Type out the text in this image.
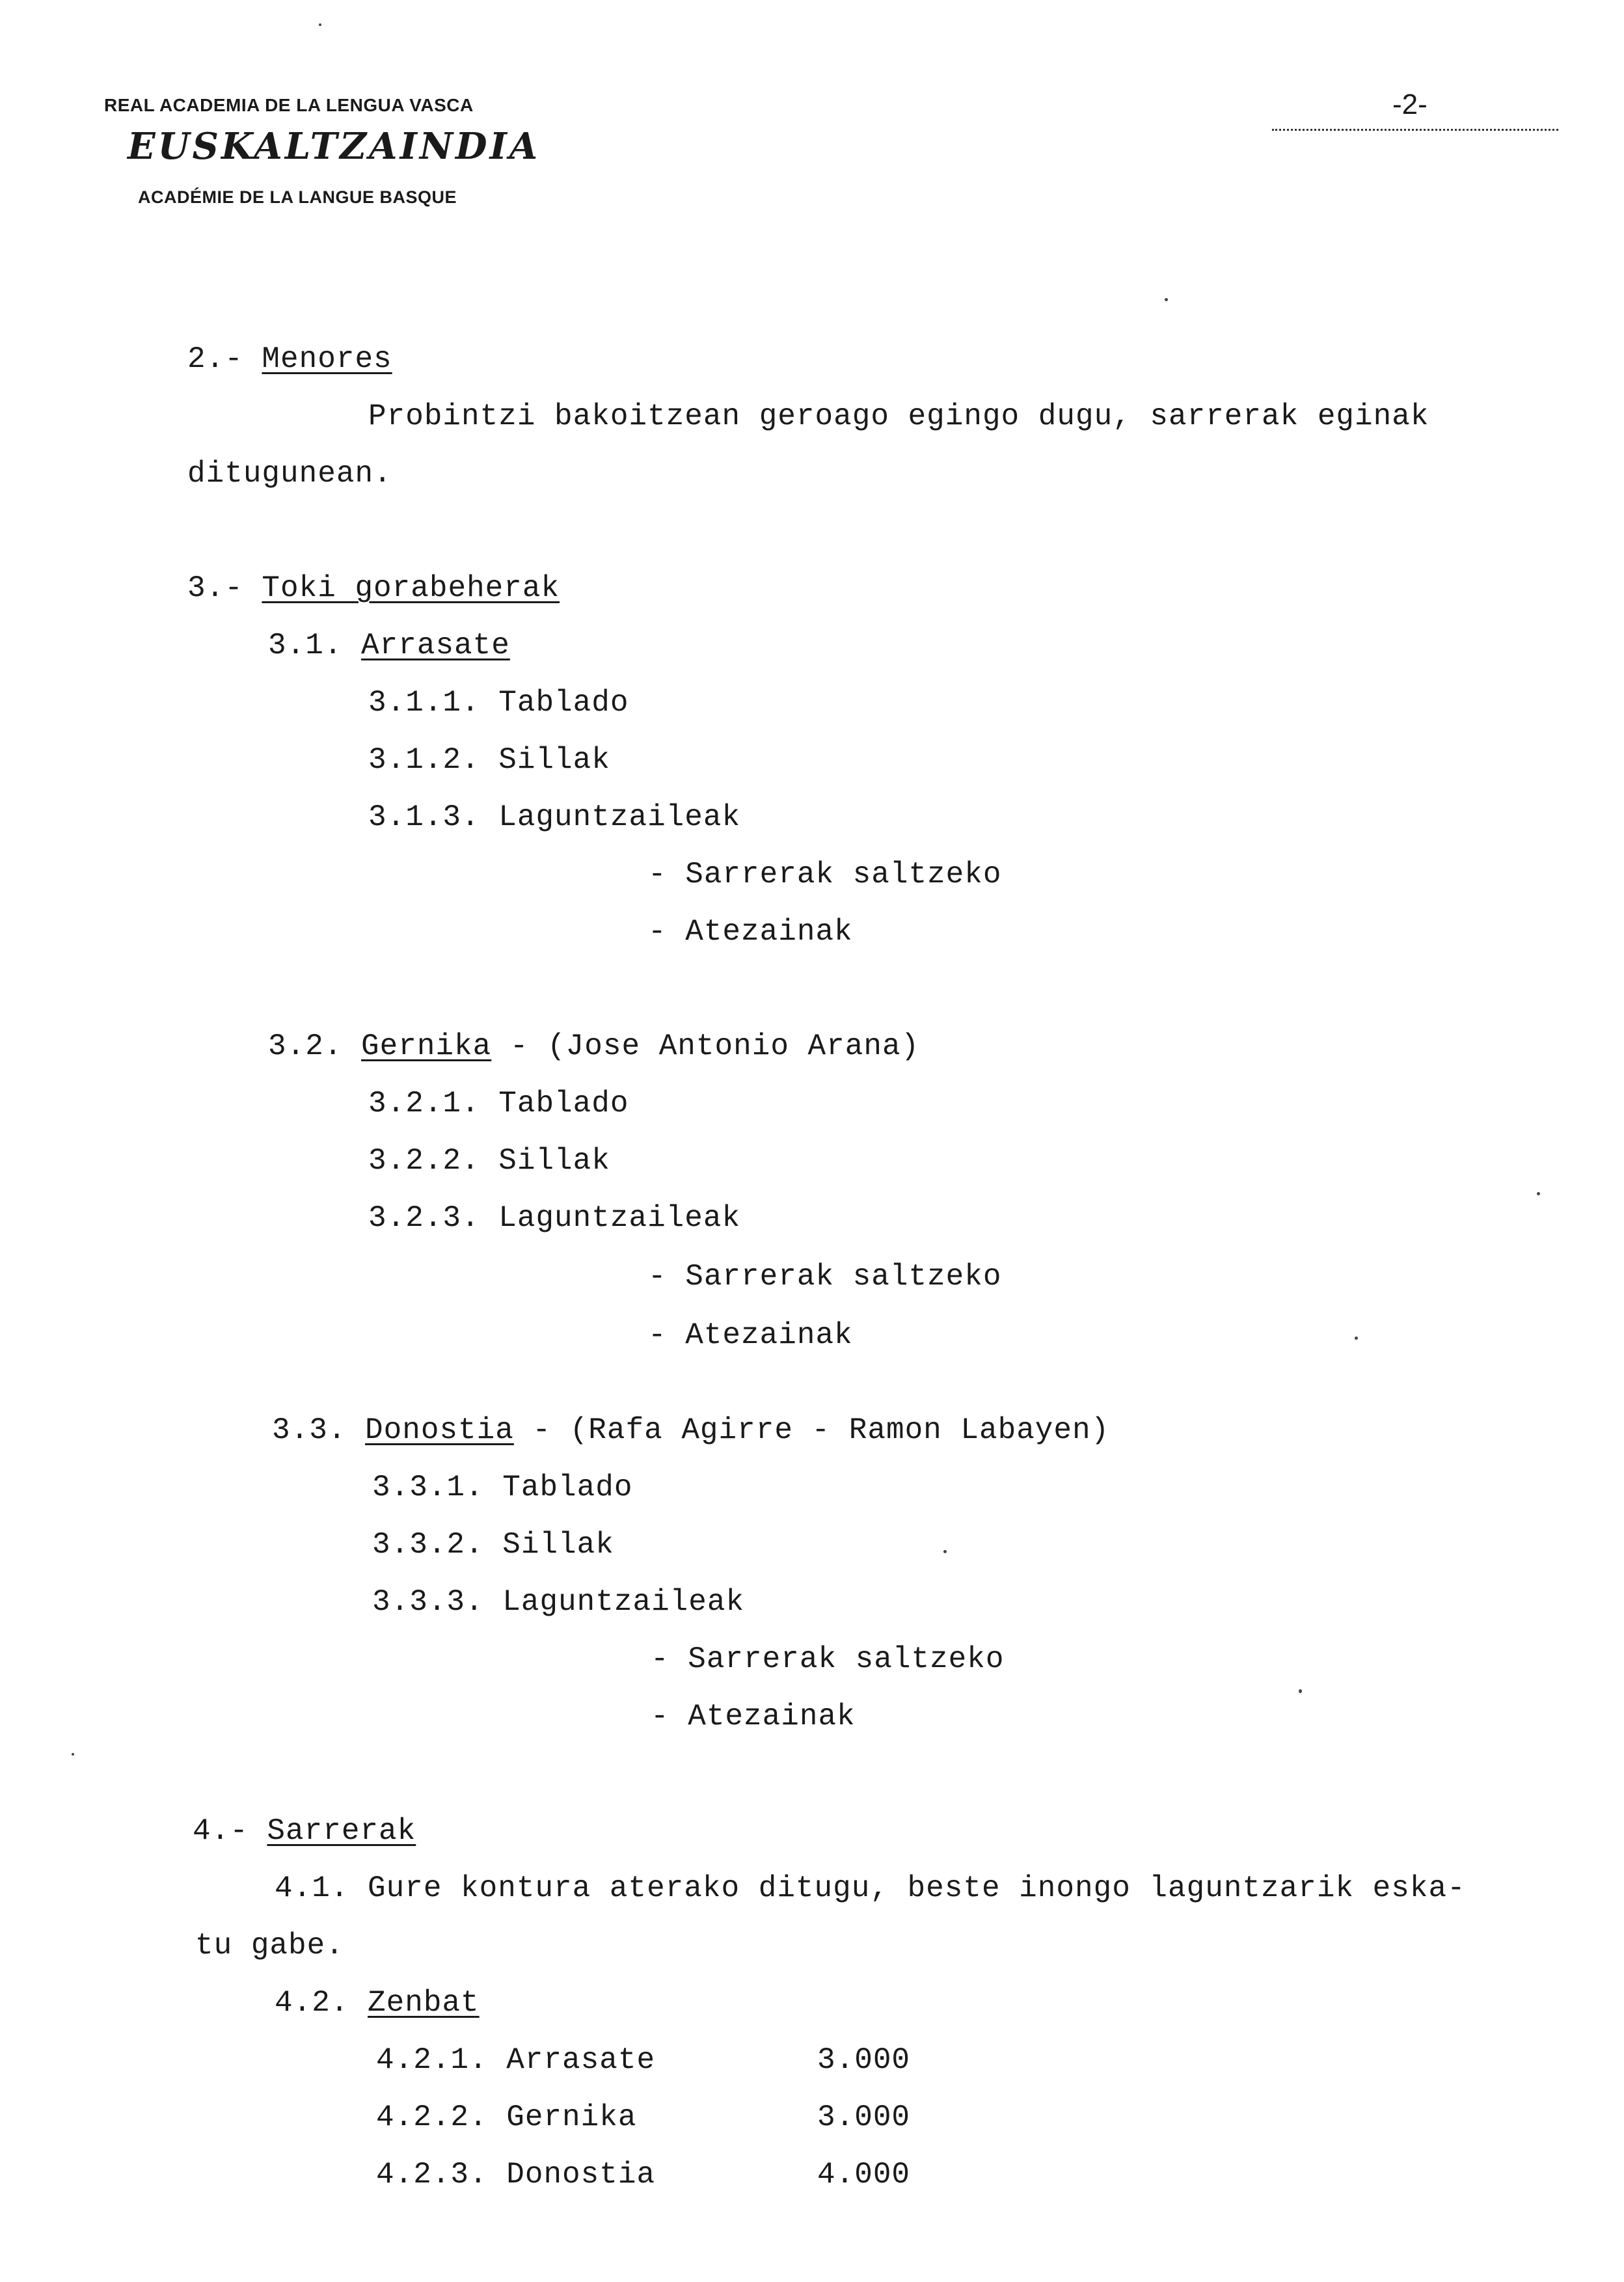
REAL ACADEMIA DE LA LENGUA VASCA
EUSKALTZAINDIA
ACADÉMIE DE LA LANGUE BASQUE
-2-
2.- Menores
Probintzi bakoitzean geroago egingo dugu, sarrerak eginak
ditugunean.
3.- Toki gorabeherak
3.1. Arrasate
3.1.1. Tablado
3.1.2. Sillak
3.1.3. Laguntzaileak
- Sarrerak saltzeko
- Atezainak
3.2. Gernika - (Jose Antonio Arana)
3.2.1. Tablado
3.2.2. Sillak
3.2.3. Laguntzaileak
- Sarrerak saltzeko
- Atezainak
3.3. Donostia - (Rafa Agirre - Ramon Labayen)
3.3.1. Tablado
3.3.2. Sillak
3.3.3. Laguntzaileak
- Sarrerak saltzeko
- Atezainak
4.- Sarrerak
4.1. Gure kontura aterako ditugu, beste inongo laguntzarik eska-
tu gabe.
4.2. Zenbat
4.2.1. Arrasate	3.000
4.2.2. Gernika	3.000
4.2.3. Donostia	4.000
